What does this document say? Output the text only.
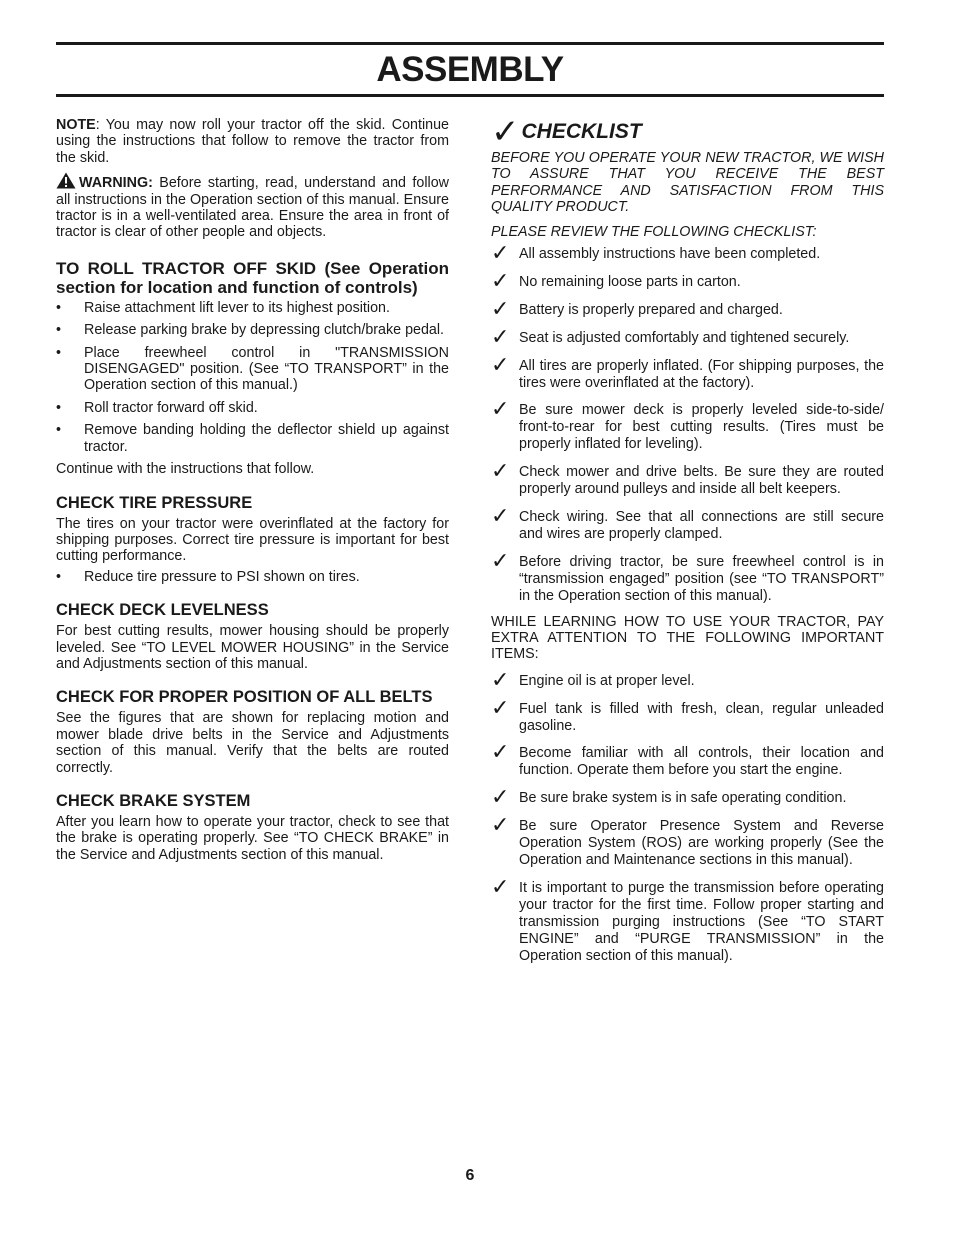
ASSEMBLY

NOTE: You may now roll your tractor off the skid. Continue using the instructions that follow to remove the tractor from the skid.

WARNING: Before starting, read, understand and follow all instructions in the Operation section of this manual. Ensure tractor is in a well-ventilated area. Ensure the area in front of tractor is clear of other people and objects.

TO ROLL TRACTOR OFF SKID (See Operation section for location and function of controls)
• Raise attachment lift lever to its highest position.
• Release parking brake by depressing clutch/brake pedal.
• Place freewheel control in "TRANSMISSION DISENGAGED" position. (See “TO TRANSPORT” in the Operation section of this manual.)
• Roll tractor forward off skid.
• Remove banding holding the deflector shield up against tractor.

Continue with the instructions that follow.

CHECK TIRE PRESSURE

The tires on your tractor were overinflated at the factory for shipping purposes. Correct tire pressure is important for best cutting performance.

• Reduce tire pressure to PSI shown on tires.
CHECK DECK LEVELNESS

For best cutting results, mower housing should be properly leveled. See “TO LEVEL MOWER HOUSING” in the Service and Adjustments section of this manual.

CHECK FOR PROPER POSITION OF ALL BELTS

See the figures that are shown for replacing motion and mower blade drive belts in the Service and Adjustments section of this manual. Verify that the belts are routed correctly.

CHECK BRAKE SYSTEM

After you learn how to operate your tractor, check to see that the brake is operating properly. See “TO CHECK BRAKE” in the Service and Adjustments section of this manual.

✓ CHECKLIST

BEFORE YOU OPERATE YOUR NEW TRACTOR, WE WISH TO ASSURE THAT YOU RECEIVE THE BEST PERFORMANCE AND SATISFACTION FROM THIS QUALITY PRODUCT.

PLEASE REVIEW THE FOLLOWING CHECKLIST:

✓ All assembly instructions have been completed.
✓ No remaining loose parts in carton.
✓ Battery is properly prepared and charged.
✓ Seat is adjusted comfortably and tightened securely.
✓ All tires are properly inflated. (For shipping purposes, the tires were overinflated at the factory).
✓ Be sure mower deck is properly leveled side-to-side/ front-to-rear for best cutting results. (Tires must be properly inflated for leveling).
✓ Check mower and drive belts. Be sure they are routed properly around pulleys and inside all belt keepers.
✓ Check wiring. See that all connections are still secure and wires are properly clamped.
✓ Before driving tractor, be sure freewheel control is in “transmission engaged” position (see “TO TRANSPORT” in the Operation section of this manual).

WHILE LEARNING HOW TO USE YOUR TRACTOR, PAY EXTRA ATTENTION TO THE FOLLOWING IMPORTANT ITEMS:

✓ Engine oil is at proper level.
✓ Fuel tank is filled with fresh, clean, regular unleaded gasoline.
✓ Become familiar with all controls, their location and function. Operate them before you start the engine.
✓ Be sure brake system is in safe operating condition.
✓ Be sure Operator Presence System and Reverse Operation System (ROS) are working properly (See the Operation and Maintenance sections in this manual).
✓ It is important to purge the transmission before operating your tractor for the first time. Follow proper starting and transmission purging instructions (See “TO START ENGINE” and “PURGE TRANSMISSION” in the Operation section of this manual).
6
